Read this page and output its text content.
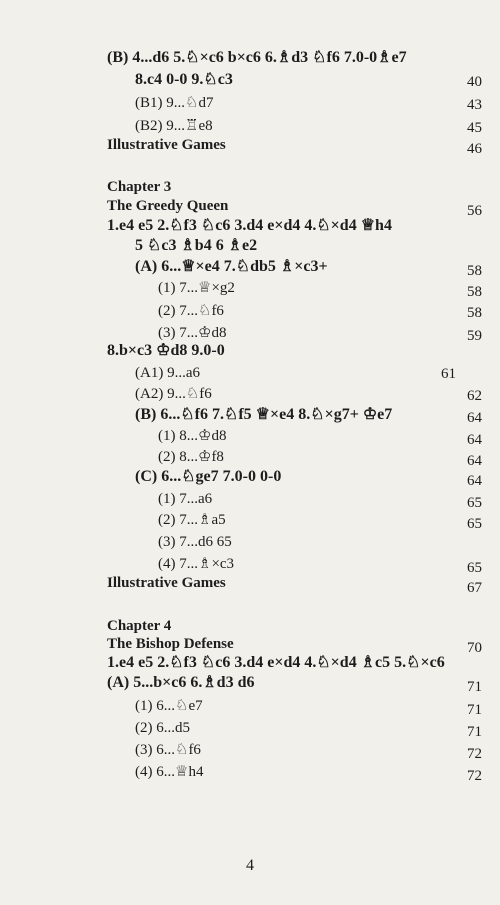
(B) 4...d6 5.♘×c6 b×c6 6.♗d3 ♘f6 7.0-0♗e7
8.c4 0-0 9.♘c3	40
(B1) 9...♘d7	43
(B2) 9...♖e8	45
Illustrative Games	46
Chapter 3
The Greedy Queen	56
1.e4 e5 2.♘f3 ♘c6 3.d4 e×d4 4.♘×d4 ♕h4
5 ♘c3 ♗b4 6 ♗e2
(A) 6...♕×e4 7.♘db5 ♗×c3+	58
(1) 7...♕×g2	58
(2) 7...♘f6	58
(3) 7...♔d8	59
8.b×c3 ♔d8 9.0-0
(A1) 9...a6	61
(A2) 9...♘f6	62
(B) 6...♘f6 7.♘f5 ♕×e4 8.♘×g7+ ♔e7	64
(1) 8...♔d8	64
(2) 8...♔f8	64
(C) 6...♘ge7 7.0-0 0-0	64
(1) 7...a6	65
(2) 7...♗a5	65
(3) 7...d6 65
(4) 7...♗×c3	65
Illustrative Games	67
Chapter 4
The Bishop Defense	70
1.e4 e5 2.♘f3 ♘c6 3.d4 e×d4 4.♘×d4 ♗c5 5.♘×c6
(A) 5...b×c6 6.♗d3 d6	71
(1) 6...♘e7	71
(2) 6...d5	71
(3) 6...♘f6	72
(4) 6...♕h4	72
4
